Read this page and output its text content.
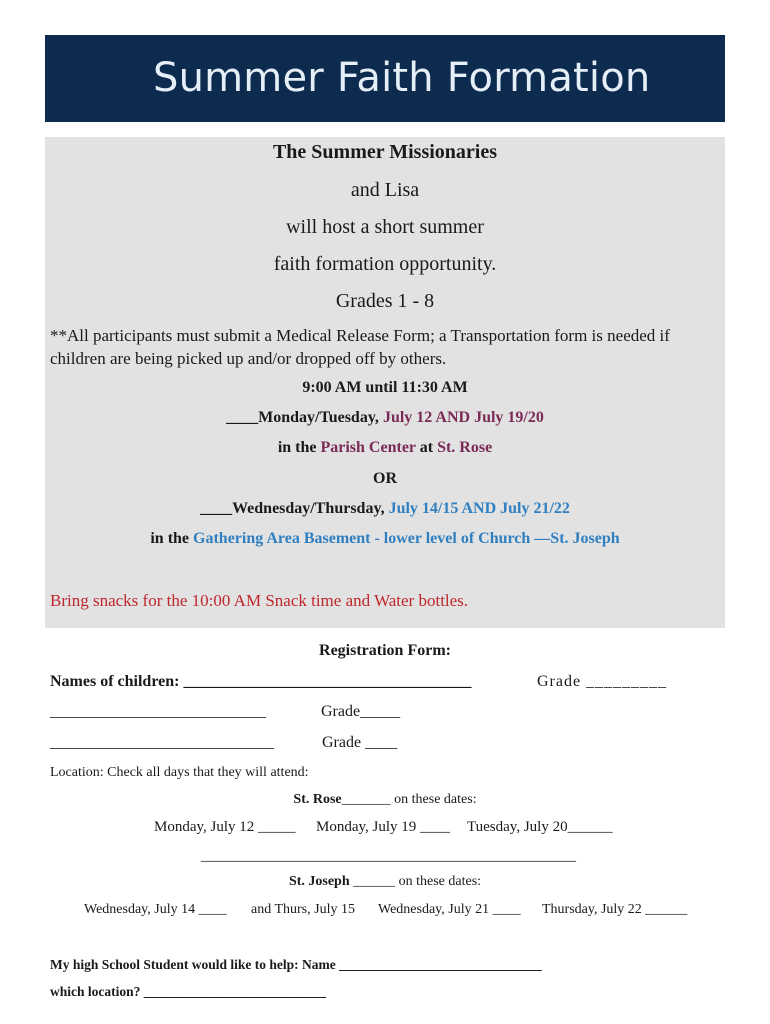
Summer Faith Formation
The Summer Missionaries
and Lisa
will host a short summer
faith formation opportunity.
Grades 1 - 8
**All participants must submit a Medical Release Form; a Transportation form is needed if
children are being picked up and/or dropped off by others.
9:00 AM until 11:30 AM
____Monday/Tuesday, July 12 AND July 19/20
in the Parish Center at St. Rose
OR
____Wednesday/Thursday, July 14/15 AND July 21/22
in the Gathering Area Basement - lower level of Church —St. Joseph
Bring snacks for the 10:00 AM Snack time and Water bottles.
Registration Form:
Names of children: ____________________________________	Grade _________
___________________________	Grade_____
____________________________	Grade ____
Location: Check all days that they will attend:
St. Rose_______ on these dates:
Monday, July 12 _____ Monday, July 19 ____ Tuesday, July 20______
__________________________________________________
St. Joseph ______ on these dates:
Wednesday, July 14 ____ and Thurs, July 15 Wednesday, July 21 ____ Thursday, July 22 ______
My high School Student would like to help: Name ______________________________
which location? ___________________________
